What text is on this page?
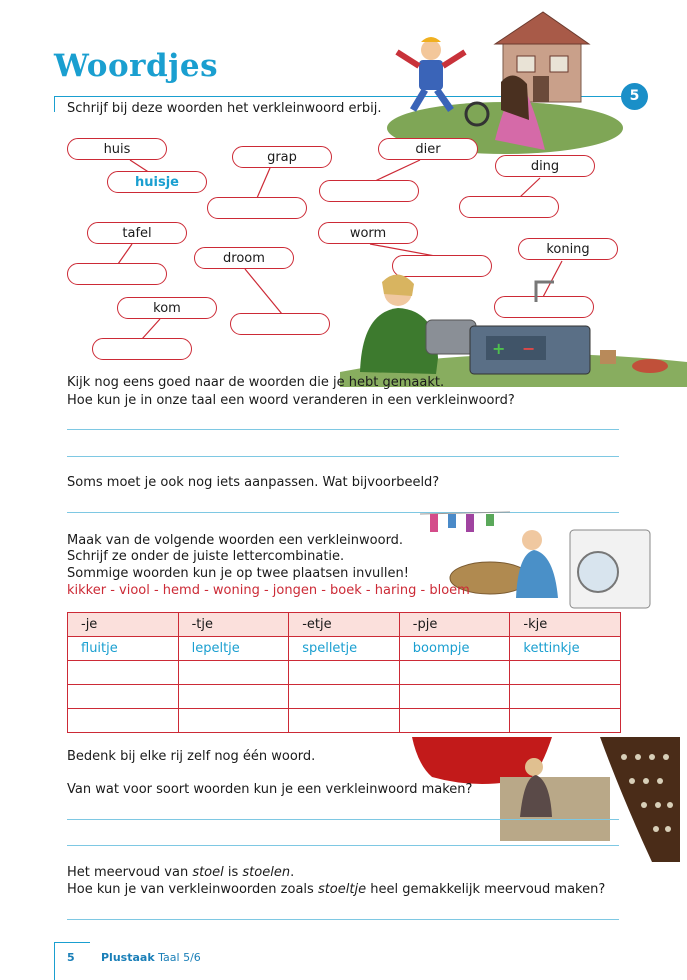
Woordjes
5
Schrijf bij deze woorden het verkleinwoord erbij.
huis
huisje
grap
dier
ding
tafel	worm
koning
droom
kom
+ −
Kijk nog eens goed naar de woorden die je hebt gemaakt.
Hoe kun je in onze taal een woord veranderen in een verkleinwoord?
Soms moet je ook nog iets aanpassen. Wat bijvoorbeeld?
Maak van de volgende woorden een verkleinwoord.
Schrijf ze onder de juiste lettercombinatie.
Sommige woorden kun je op twee plaatsen invullen!
kikker - viool - hemd - woning - jongen - boek - haring - bloem
-je	-tje	-etje	-pje	-kje
fluitje	lepeltje	spelletje	boompje	kettinkje

Bedenk bij elke rij zelf nog één woord.
Van wat voor soort woorden kun je een verkleinwoord maken?
Het meervoud van stoel is stoelen.
Hoe kun je van verkleinwoorden zoals stoeltje heel gemakkelijk meervoud maken?
5 Plustaak Taal 5/6
